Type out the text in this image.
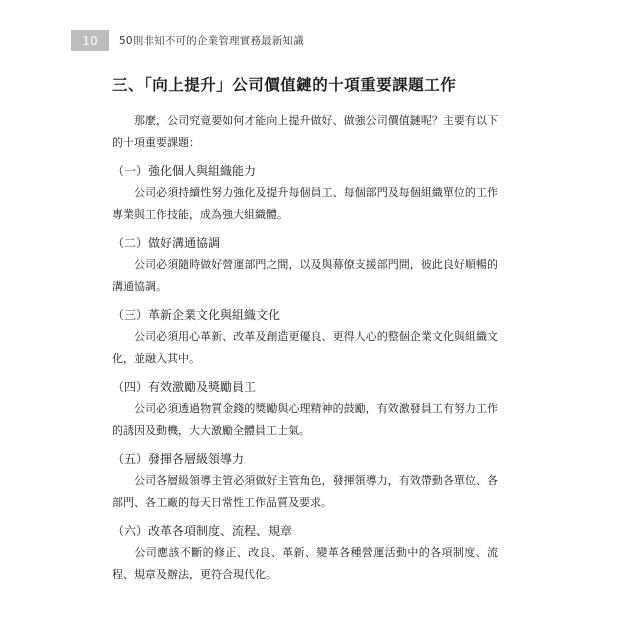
10	50則非知不可的企業管理實務最新知識
三、「向上提升」公司價值鏈的十項重要課題工作

那麼，公司究竟要如何才能向上提升做好、做強公司價值鏈呢？主要有以下的十項重要課題：

（一）強化個人與組織能力

公司必須持續性努力強化及提升每個員工、每個部門及每個組織單位的工作專業與工作技能，成為強大組織體。

（二）做好溝通協調

公司必須隨時做好營運部門之間，以及與幕僚支援部門間，彼此良好順暢的溝通協調。

（三）革新企業文化與組織文化

公司必須用心革新、改革及創造更優良、更得人心的整個企業文化與組織文化，並融入其中。

（四）有效激勵及獎勵員工

公司必須透過物質金錢的獎勵與心理精神的鼓勵，有效激發員工有努力工作的誘因及動機，大大激勵全體員工士氣。

（五）發揮各層級領導力

公司各層級領導主管必須做好主管角色，發揮領導力，有效帶動各單位、各部門、各工廠的每天日常性工作品質及要求。

（六）改革各項制度、流程、規章

公司應該不斷的修正、改良、革新、變革各種營運活動中的各項制度、流程、規章及辦法，更符合現代化。
